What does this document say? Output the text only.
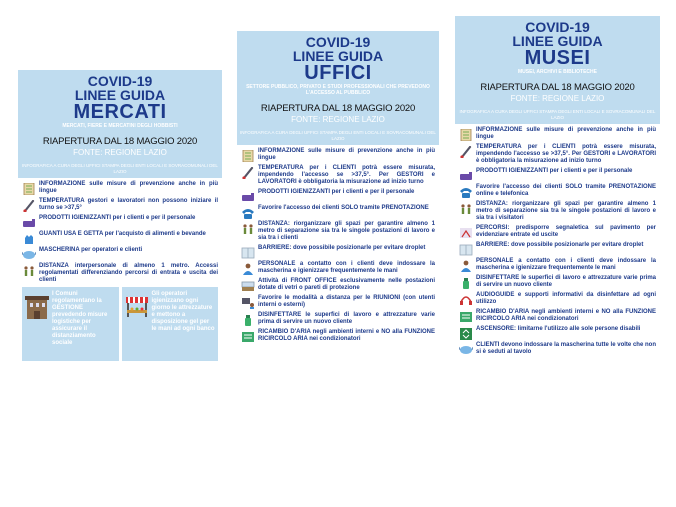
COVID-19
LINEE GUIDA
MERCATI
MERCATI, FIERE E MERCATINI DEGLI HOBBISTI
RIAPERTURA DAL 18 MAGGIO 2020
FONTE: REGIONE LAZIO
INFOGRAFICA A CURA DEGLI UFFICI STAMPA DEGLI ENTI LOCALI E SOVRACOMUNALI DEL LAZIO
INFORMAZIONE sulle misure di prevenzione anche in più lingue
TEMPERATURA gestori e lavoratori non possono iniziare il turno se >37,5°
PRODOTTI IGIENIZZANTI per i clienti e per il personale
GUANTI USA E GETTA per l'acquisto di alimenti e bevande
MASCHERINA per operatori e clienti
DISTANZA interpersonale di almeno 1 metro. Accessi regolamentati differenziando percorsi di entrata e uscita dei clienti
I Comuni regolamentano la GESTIONE prevedendo misure logistiche per assicurare il distanziamento sociale
Gli operatori igienizzano ogni giorno le attrezzature e mettono a disposizione gel per le mani ad ogni banco
COVID-19
LINEE GUIDA
UFFICI
SETTORE PUBBLICO, PRIVATO E STUDI PROFESSIONALI CHE PREVEDONO L'ACCESSO AL PUBBLICO
RIAPERTURA DAL 18 MAGGIO 2020
FONTE: REGIONE LAZIO
INFOGRAFICA A CURA DEGLI UFFICI STAMPA DEGLI ENTI LOCALI E SOVRACOMUNALI DEL LAZIO
INFORMAZIONE sulle misure di prevenzione anche in più lingue
TEMPERATURA per i CLIENTI potrà essere misurata, impendendo l'accesso se >37,5°. Per GESTORI e LAVORATORI è obbligatoria la misurazione ad inizio turno
PRODOTTI IGIENIZZANTI per i clienti e per il personale
Favorire l'accesso dei clienti SOLO tramite PRENOTAZIONE
DISTANZA: riorganizzare gli spazi per garantire almeno 1 metro di separazione sia tra le singole postazioni di lavoro e sia tra i clienti
BARRIERE: dove possibile posizionarle per evitare droplet
PERSONALE a contatto con i clienti deve indossare la mascherina e igienizzare frequentemente le mani
Attività di FRONT OFFICE esclusivamente nelle postazioni dotate di vetri o pareti di protezione
Favorire le modalità a distanza per le RIUNIONI (con utenti interni o esterni)
DISINFETTARE le superfici di lavoro e attrezzature varie prima di servire un nuovo cliente
RICAMBIO D'ARIA negli ambienti interni e NO alla FUNZIONE RICIRCOLO ARIA nei condizionatori
COVID-19
LINEE GUIDA
MUSEI
MUSEI, ARCHIVI E BIBLIOTECHE
RIAPERTURA DAL 18 MAGGIO 2020
FONTE: REGIONE LAZIO
INFOGRAFICA A CURA DEGLI UFFICI STAMPA DEGLI ENTI LOCALI E SOVRACOMUNALI DEL LAZIO
INFORMAZIONE sulle misure di prevenzione anche in più lingue
TEMPERATURA per i CLIENTI potrà essere misurata, impendendo l'accesso se >37,5°. Per GESTORI e LAVORATORI è obbligatoria la misurazione ad inizio turno
PRODOTTI IGIENIZZANTI per i clienti e per il personale
Favorire l'accesso dei clienti SOLO tramite PRENOTAZIONE online e telefonica
DISTANZA: riorganizzare gli spazi per garantire almeno 1 metro di separazione sia tra le singole postazioni di lavoro e sia tra i visitatori
PERCORSI: predisporre segnaletica sul pavimento per evidenziare entrate ed uscite
BARRIERE: dove possibile posizionarle per evitare droplet
PERSONALE a contatto con i clienti deve indossare la mascherina e igienizzare frequentemente le mani
DISINFETTARE le superfici di lavoro e attrezzature varie prima di servire un nuovo cliente
AUDIOGUIDE e supporti informativi da disinfettare ad ogni utilizzo
RICAMBIO D'ARIA negli ambienti interni e NO alla FUNZIONE RICIRCOLO ARIA nei condizionatori
ASCENSORE: limitarne l'utilizzo alle sole persone disabili
CLIENTI devono indossare la mascherina tutte le volte che non si è seduti al tavolo
